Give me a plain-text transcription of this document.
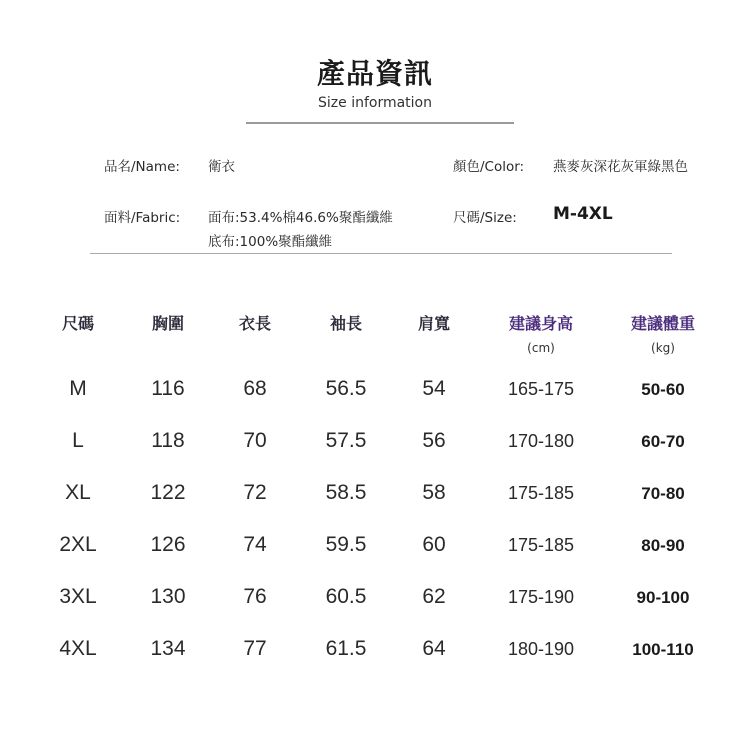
產品資訊
Size information
品名/Name: 衛衣	顏色/Color: 燕麥灰深花灰軍綠黑色
面料/Fabric: 面布:53.4%棉46.6%聚酯纖維
底布:100%聚酯纖維
尺碼/Size: M-4XL
尺碼	胸圍	衣長	袖長	肩寬	建議身高	建議體重
(cm)	(kg)
M	116	68	56.5	54	165-175	50-60
L	118	70	57.5	56	170-180	60-70
XL	122	72	58.5	58	175-185	70-80
2XL	126	74	59.5	60	175-185	80-90
3XL	130	76	60.5	62	175-190	90-100
4XL	134	77	61.5	64	180-190	100-110
